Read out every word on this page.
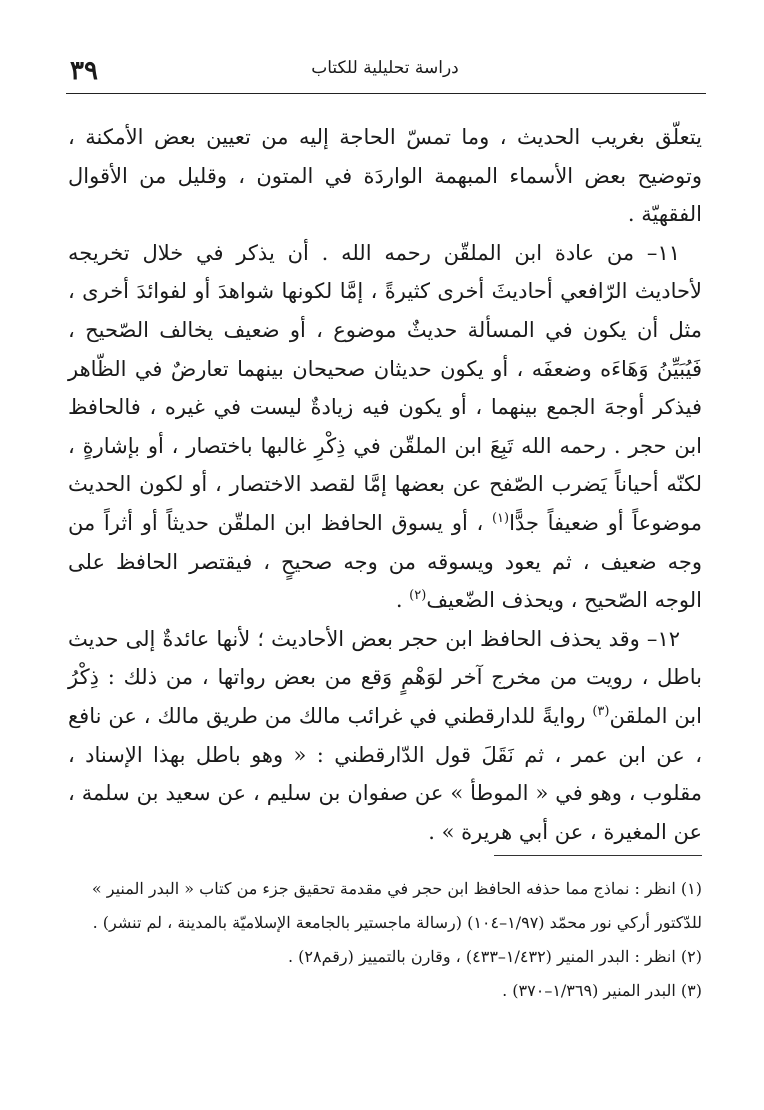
دراسة تحليلية للكتاب
٣٩

يتعلّق بغريب الحديث ، وما تمسّ الحاجة إليه من تعيين بعض الأمكنة ، وتوضيح بعض الأسماء المبهمة الواردَة في المتون ، وقليل من الأقوال الفقهيّة .

١١– من عادة ابن الملقّن رحمه الله . أن يذكر في خلال تخريجه لأحاديث الرّافعي أحاديثَ أخرى كثيرةً ، إمَّا لكونها شواهدَ أو لفوائدَ أخرى ، مثل أن يكون في المسألة حديثٌ موضوع ، أو ضعيف يخالف الصّحيح ، فَيُبَيِّنُ وَهَاءَه وضعفَه ، أو يكون حديثان صحيحان بينهما تعارضٌ في الظّاهر فيذكر أوجهَ الجمع بينهما ، أو يكون فيه زيادةٌ ليست في غيره ، فالحافظ ابن حجر . رحمه الله تَبِعَ ابن الملقّن في ذِكْرِ غالبها باختصار ، أو بإشارةٍ ، لكنّه أحياناً يَضرب الصّفح عن بعضها إمَّا لقصد الاختصار ، أو لكون الحديث موضوعاً أو ضعيفاً جدًّا$^{(١)}$ ، أو يسوق الحافظ ابن الملقّن حديثاً أو أثراً من وجه ضعيف ، ثم يعود ويسوقه من وجه صحيحٍ ، فيقتصر الحافظ على الوجه الصّحيح ، ويحذف الضّعيف$^{(٢)}$ .

١٢– وقد يحذف الحافظ ابن حجر بعض الأحاديث ؛ لأنها عائدةٌ إلى حديث باطل ، رويت من مخرج آخر لوَهْمٍ وَقع من بعض رواتها ، من ذلك : ذِكْرُ ابن الملقن$^{(٣)}$ روايةً للدارقطني في غرائب مالك من طريق مالك ، عن نافع ، عن ابن عمر ، ثم نَقَلَ قول الدّارقطني : « وهو باطل بهذا الإسناد ، مقلوب ، وهو في « الموطأ » عن صفوان بن سليم ، عن سعيد بن سلمة ، عن المغيرة ، عن أبي هريرة » .

(١) انظر : نماذج مما حذفه الحافظ ابن حجر في مقدمة تحقيق جزء من كتاب « البدر المنير » للدّكتور أركي نور محمّد (١/٩٧–١٠٤) (رسالة ماجستير بالجامعة الإسلاميّة بالمدينة ، لم تنشر) .

(٢) انظر : البدر المنير (١/٤٣٢–٤٣٣) ، وقارن بالتمييز (رقم٢٨) .

(٣) البدر المنير (١/٣٦٩–٣٧٠) .
